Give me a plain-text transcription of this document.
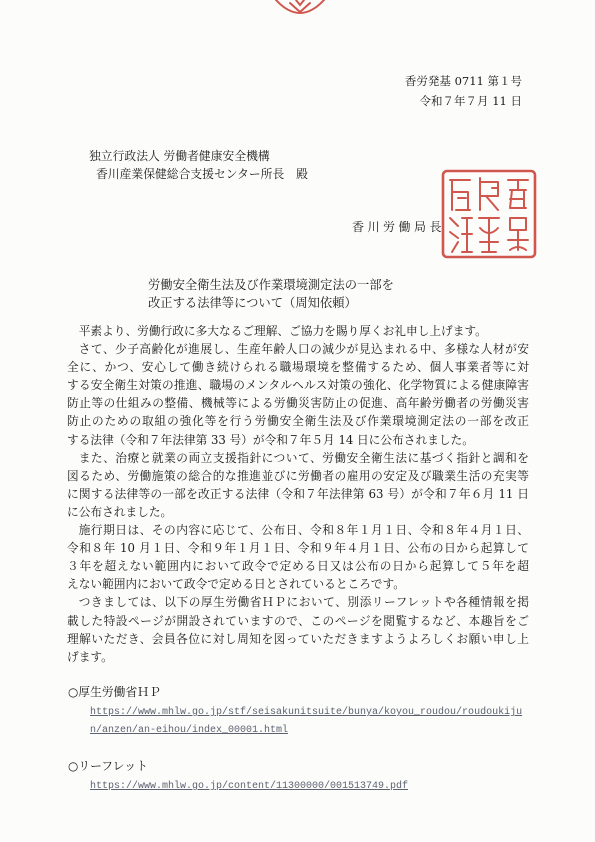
香労発基 0711 第１号
令和７年７月 11 日
独立行政法人 労働者健康安全機構
香川産業保健総合支援センター所長　殿
香川労働局長
労働安全衛生法及び作業環境測定法の一部を
改正する法律等について（周知依頼）
平素より、労働行政に多大なるご理解、ご協力を賜り厚くお礼申し上げます。
さて、少子高齢化が進展し、生産年齢人口の減少が見込まれる中、多様な人材が安
全に、かつ、安心して働き続けられる職場環境を整備するため、個人事業者等に対
する安全衛生対策の推進、職場のメンタルヘルス対策の強化、化学物質による健康障害
防止等の仕組みの整備、機械等による労働災害防止の促進、高年齢労働者の労働災害
防止のための取組の強化等を行う労働安全衛生法及び作業環境測定法の一部を改正
する法律（令和７年法律第 33 号）が令和７年５月 14 日に公布されました。
また、治療と就業の両立支援指針について、労働安全衛生法に基づく指針と調和を
図るため、労働施策の総合的な推進並びに労働者の雇用の安定及び職業生活の充実等
に関する法律等の一部を改正する法律（令和７年法律第 63 号）が令和７年６月 11 日
に公布されました。
施行期日は、その内容に応じて、公布日、令和８年１月１日、令和８年４月１日、
令和８年 10 月１日、令和９年１月１日、令和９年４月１日、公布の日から起算して
３年を超えない範囲内において政令で定める日又は公布の日から起算して５年を超
えない範囲内において政令で定める日とされているところです。
つきましては、以下の厚生労働省ＨＰにおいて、別添リーフレットや各種情報を掲
載した特設ページが開設されていますので、このページを閲覧するなど、本趣旨をご
理解いただき、会員各位に対し周知を図っていただきますようよろしくお願い申し上
げます。
○厚生労働省ＨＰ
https://www.mhlw.go.jp/stf/seisakunitsuite/bunya/koyou_roudou/roudoukiju
n/anzen/an-eihou/index_00001.html
○リーフレット
https://www.mhlw.go.jp/content/11300000/001513749.pdf
